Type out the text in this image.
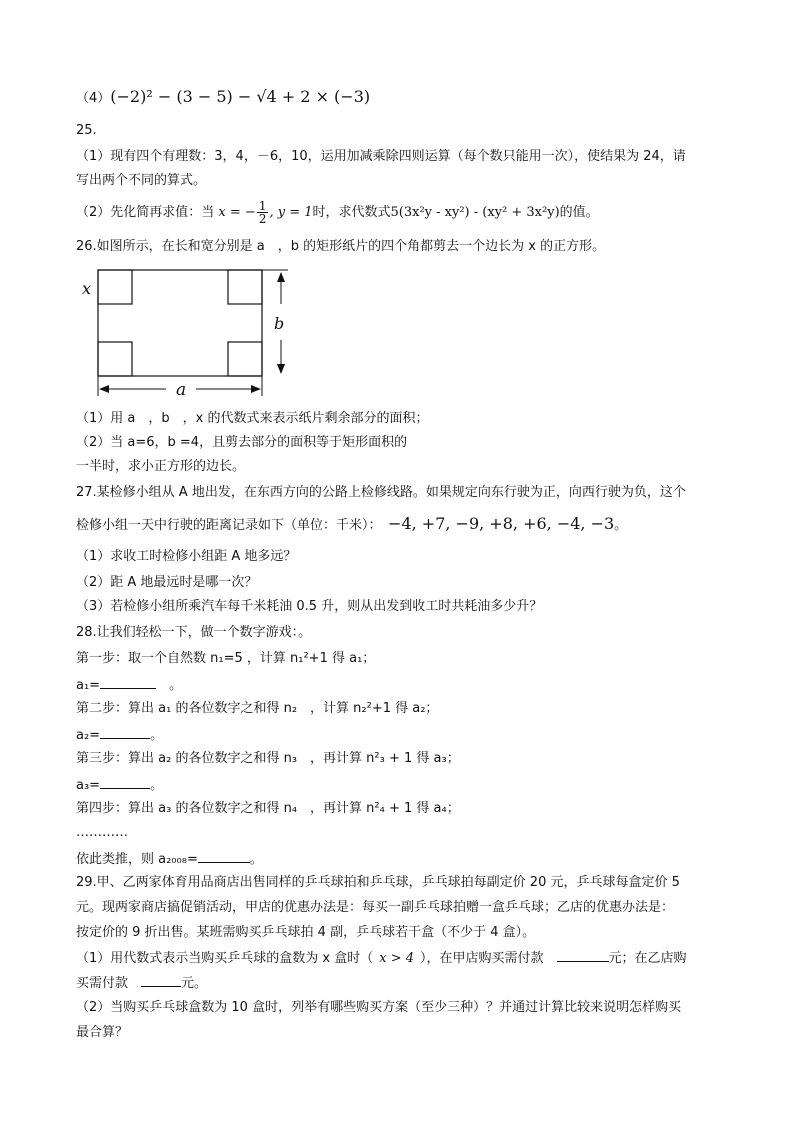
（4）(−2)² − (3 − 5) − √4 + 2 × (−3)
25.
（1）现有四个有理数：3，4，－6，10，运用加减乘除四则运算（每个数只能用一次），使结果为 24，请
写出两个不同的算式。
（2）先化简再求值：当 x = − $\frac{1}{2}$ , y = 1时，求代数式5(3x²y - xy²) - (xy² + 3x²y)的值。
26.如图所示，在长和宽分别是 a　，b 的矩形纸片的四个角都剪去一个边长为 x 的正方形。
x
b
a
（1）用 a　，b　，x 的代数式来表示纸片剩余部分的面积；
（2）当 a=6，b =4，且剪去部分的面积等于矩形面积的
一半时，求小正方形的边长。
27.某检修小组从 A 地出发，在东西方向的公路上检修线路。如果规定向东行驶为正，向西行驶为负，这个
检修小组一天中行驶的距离记录如下（单位：千米）：　 −4, +7, −9, +8, +6, −4, −3。
（1）求收工时检修小组距 A 地多远？
（2）距 A 地最远时是哪一次？
（3）若检修小组所乘汽车每千米耗油 0.5 升，则从出发到收工时共耗油多少升？
28.让我们轻松一下，做一个数字游戏：。
第一步：取一个自然数 n₁=5 ，计算 n₁²+1 得 a₁；
a₁=	　。
第二步：算出 a₁ 的各位数字之和得 n₂　，计算 n₂²+1 得 a₂；
a₂=	。
第三步：算出 a₂ 的各位数字之和得 n₃　，再计算 n²₃ + 1 得 a₃；
a₃=	。
第四步：算出 a₃ 的各位数字之和得 n₄　，再计算 n²₄ + 1 得 a₄；
…………
依此类推，则 a₂₀₀₈=	。
29.甲、乙两家体育用品商店出售同样的乒乓球拍和乒乓球，乒乓球拍每副定价 20 元，乒乓球每盒定价 5
元。现两家商店搞促销活动，甲店的优惠办法是：每买一副乒乓球拍赠一盒乒乓球；乙店的优惠办法是：
按定价的 9 折出售。某班需购买乒乓球拍 4 副，乒乓球若干盒（不少于 4 盒）。
（1）用代数式表示当购买乒乓球的盒数为 x 盒时（ x > 4 ），在甲店购买需付款　	元；在乙店购
买需付款　	元。
（2）当购买乒乓球盒数为 10 盒时，列举有哪些购买方案（至少三种）？并通过计算比较来说明怎样购买
最合算？
